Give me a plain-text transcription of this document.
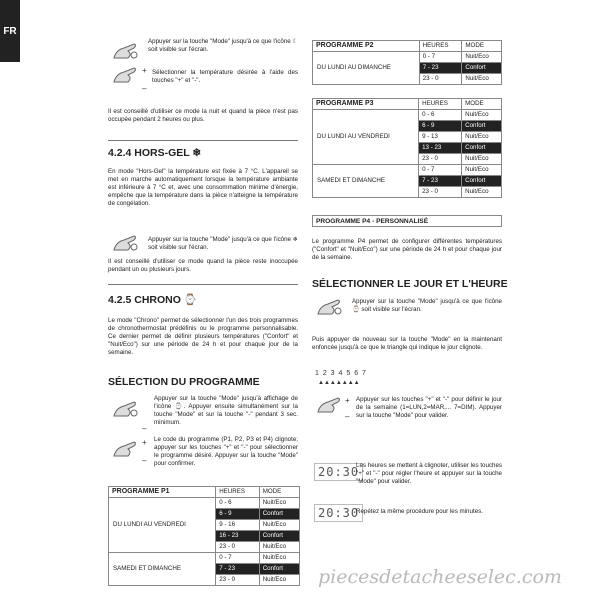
FR
Appuyer sur la touche "Mode" jusqu'à ce que l'icône ☾ soit visible sur l'écran.
+
–
Sélectionner la température désirée à l'aide des touches "+" et "-".
Il est conseillé d'utiliser ce mode la nuit et quand la pièce n'est pas occupée pendant 2 heures ou plus.
4.2.4 HORS-GEL ❄
En mode "Hors-Gel" la température est fixée à 7 °C. L'appareil se met en marche automatiquement lorsque la température ambiante est inférieure à 7 °C et, avec une consommation minime d'énergie, empêche que la température dans la pièce n'atteigne la température de congélation.
Appuyer sur la touche "Mode" jusqu'à ce que l'icône ❄ soit visible sur l'écran.
Il est conseillé d'utiliser ce mode quand la pièce reste inoccupée pendant un ou plusieurs jours.
4.2.5 CHRONO ⌚
Le mode "Chrono" permet de sélectionner l'un des trois programmes de chronothermostat prédéfinis ou le programme personnalisable. Ce dernier permet de définir plusieurs températures ("Confort" et "Nuit/Eco") sur une période de 24 h et pour chaque jour de la semaine.
SÉLECTION DU PROGRAMME
–
Appuyer sur la touche "Mode" jusqu'à affichage de l'icône ⌚. Appuyer ensuite simultanément sur la touche "Mode" et sur la touche "-" pendant 3 sec. minimum.
+
–
Le code du programme (P1, P2, P3 et P4) clignote; appuyer sur les touches "+" et "-" pour sélectionner le programme désiré. Appuyer sur la touche "Mode" pour confirmer.
PROGRAMME P1	HEURES	MODE
DU LUNDI AU VENDREDI	0 - 6	Nuit/Eco
	6 - 9	Confort
	9 - 16	Nuit/Eco
	16 - 23	Confort
	23 - 0	Nuit/Eco
SAMEDI ET DIMANCHE	0 - 7	Nuit/Eco
	7 - 23	Confort
	23 - 0	Nuit/Eco
PROGRAMME P2	HEURES	MODE
DU LUNDI AU DIMANCHE	0 - 7	Nuit/Eco
	7 - 23	Confort
	23 - 0	Nuit/Eco
PROGRAMME P3	HEURES	MODE
DU LUNDI AU VENDREDI	0 - 6	Nuit/Eco
	6 - 9	Confort
	9 - 13	Nuit/Eco
	13 - 23	Confort
	23 - 0	Nuit/Eco
SAMEDI ET DIMANCHE	0 - 7	Nuit/Eco
	7 - 23	Confort
	23 - 0	Nuit/Eco
PROGRAMME P4 - PERSONNALISÉ
Le programme P4 permet de configurer différentes températures ("Confort" et "Nuit/Eco") sur une période de 24 h et pour chaque jour de la semaine.
SÉLECTIONNER LE JOUR ET L'HEURE
Appuyer sur la touche "Mode" jusqu'à ce que l'icône ⌚ soit visible sur l'écran.
Puis appuyer de nouveau sur la touche "Mode" en la maintenant enfoncée jusqu'à ce que le triangle qui indique le jour clignote.
1 2 3 4 5 6 7
▲▲▲▲▲▲▲
+
–
Appuyer sur les touches "+" et "-" pour définir le jour de la semaine (1=LUN,2=MAR,... 7=DIM). Appuyer sur la touche "Mode" pour valider.
20:30
Les heures se mettent à clignoter, utiliser les touches "+" et "-" pour régler l'heure et appuyer sur la touche "Mode" pour valider.
20:30
Repétez la même procédure pour les minutes.
piecesdetacheeselec.com
